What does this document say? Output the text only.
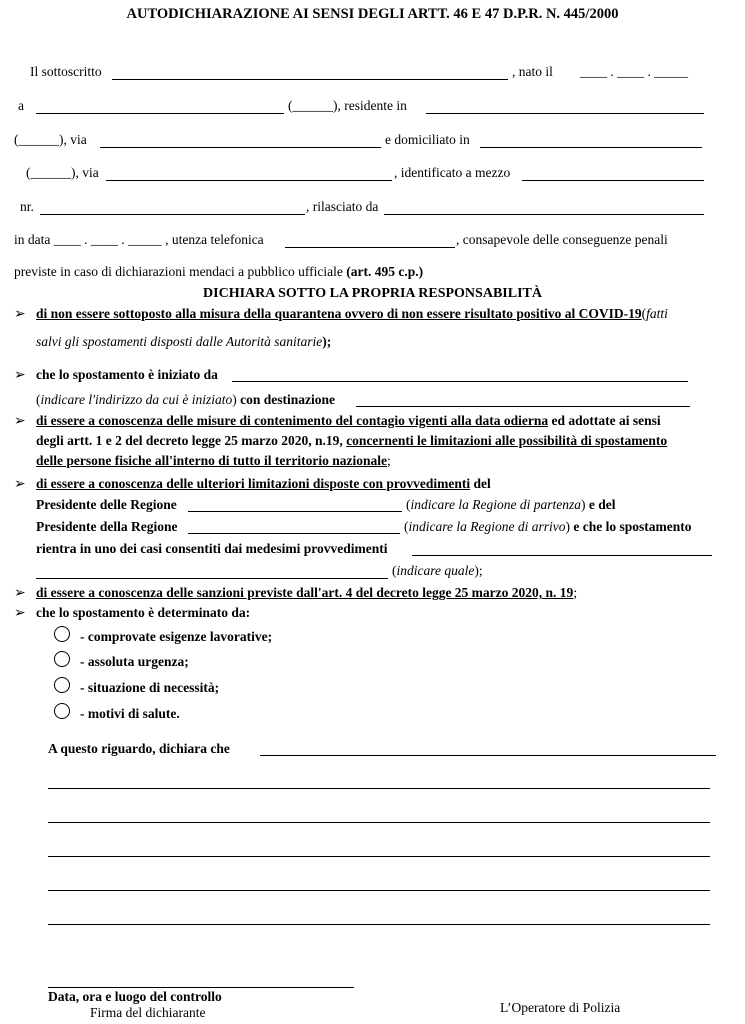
AUTODICHIARAZIONE AI SENSI DEGLI ARTT. 46 E 47 D.P.R. N. 445/2000
Il sottoscritto	, nato il ____ . ____ . _____
a	(______), residente in
(______), via	e domiciliato in
(______), via	, identificato a mezzo
nr.	, rilasciato da
in data ____ . ____ . _____ , utenza telefonica	, consapevole delle conseguenze penali
previste in caso di dichiarazioni mendaci a pubblico ufficiale (art. 495 c.p.)
DICHIARA SOTTO LA PROPRIA RESPONSABILITÀ
➢ di non essere sottoposto alla misura della quarantena ovvero di non essere risultato positivo al COVID-19(fatti
salvi gli spostamenti disposti dalle Autorità sanitarie);
➢ che lo spostamento è iniziato da
(indicare l'indirizzo da cui è iniziato) con destinazione
➢ di essere a conoscenza delle misure di contenimento del contagio vigenti alla data odierna ed adottate ai sensi
degli artt. 1 e 2 del decreto legge 25 marzo 2020, n.19, concernenti le limitazioni alle possibilità di spostamento
delle persone fisiche all'interno di tutto il territorio nazionale;
➢ di essere a conoscenza delle ulteriori limitazioni disposte con provvedimenti del
Presidente delle Regione	(indicare la Regione di partenza) e del
Presidente della Regione	(indicare la Regione di arrivo) e che lo spostamento
rientra in uno dei casi consentiti dai medesimi provvedimenti
(indicare quale);
➢ di essere a conoscenza delle sanzioni previste dall'art. 4 del decreto legge 25 marzo 2020, n. 19;
➢ che lo spostamento è determinato da:
- comprovate esigenze lavorative;
- assoluta urgenza;
- situazione di necessità;
- motivi di salute.
A questo riguardo, dichiara che
Data, ora e luogo del controllo
Firma del dichiarante	L’Operatore di Polizia
